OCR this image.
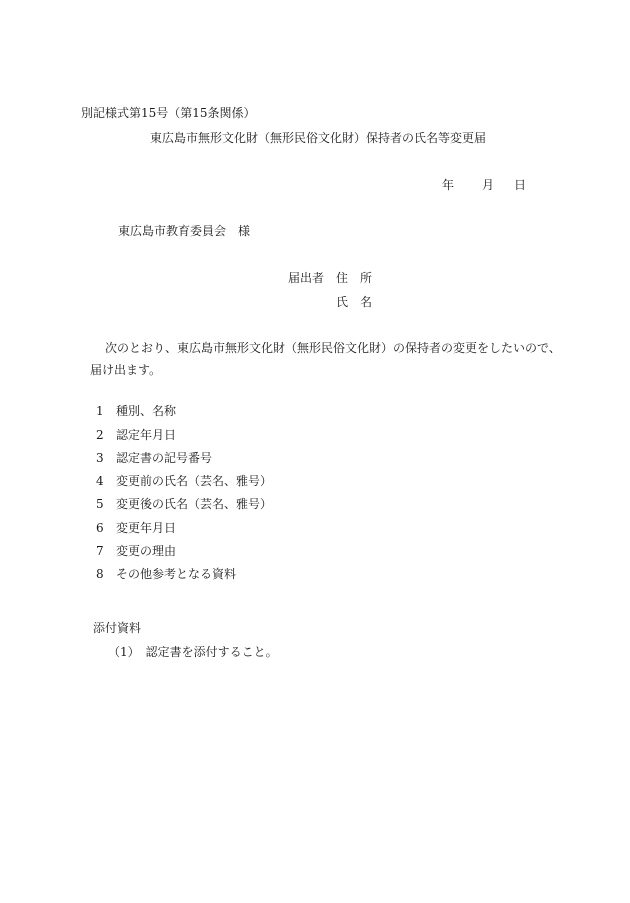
別記様式第15号（第15条関係）
東広島市無形文化財（無形民俗文化財）保持者の氏名等変更届
年 月 日
東広島市教育委員会　様
届出者　住　所
氏　名
次のとおり、東広島市無形文化財（無形民俗文化財）の保持者の変更をしたいので、
届け出ます。
1 種別、名称
2 認定年月日
3 認定書の記号番号
4 変更前の氏名（芸名、雅号）
5 変更後の氏名（芸名、雅号）
6 変更年月日
7 変更の理由
8 その他参考となる資料
添付資料
（1）　認定書を添付すること。
